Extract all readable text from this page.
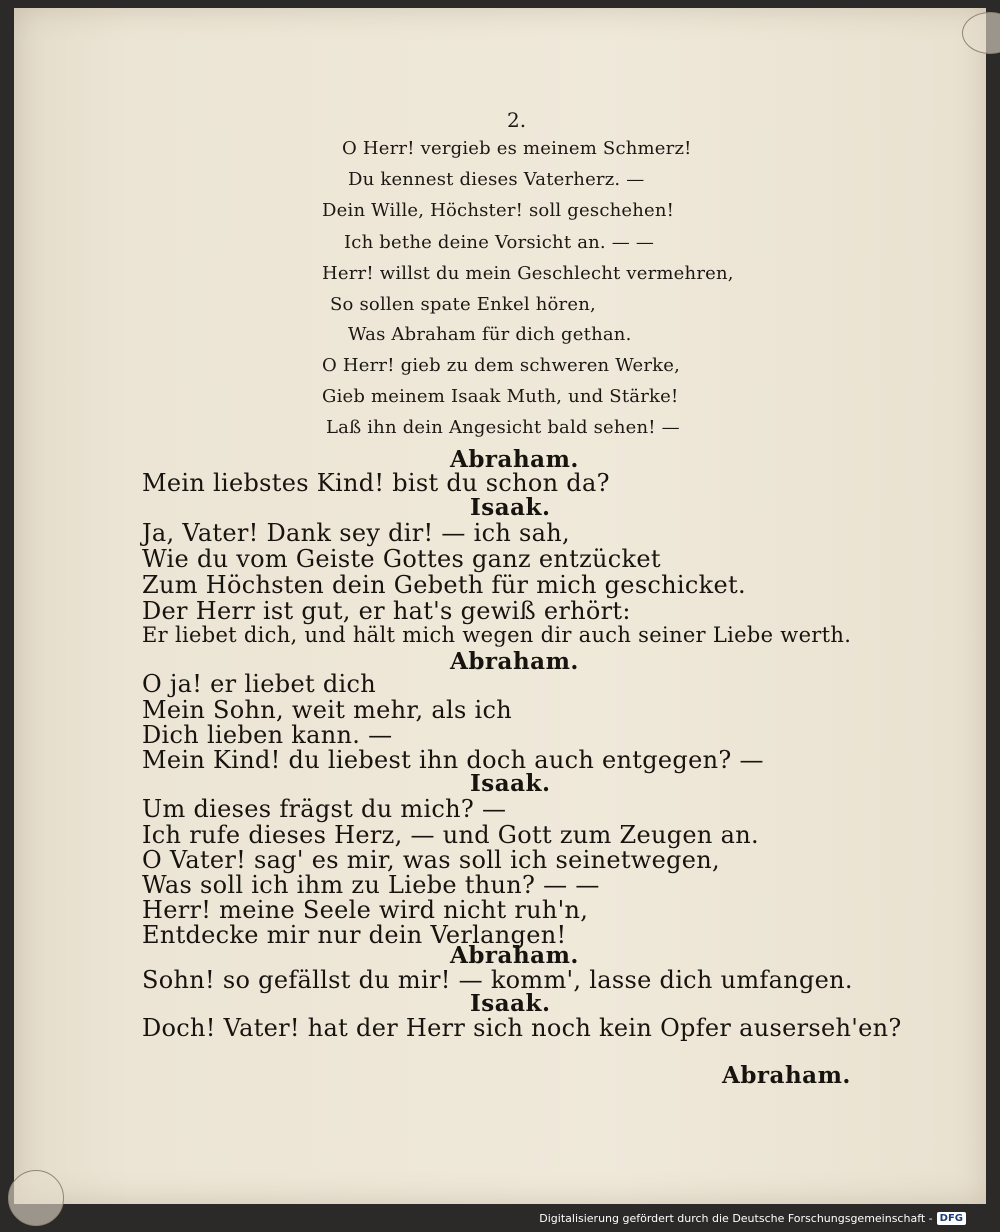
2.
O Herr! vergieb es meinem Schmerz!
Du kennest dieses Vaterherz. —
Dein Wille, Höchster! soll geschehen!
Ich bethe deine Vorsicht an. — —
Herr! willst du mein Geschlecht vermehren,
So sollen spate Enkel hören,
Was Abraham für dich gethan.
O Herr! gieb zu dem schweren Werke,
Gieb meinem Isaak Muth, und Stärke!
Laß ihn dein Angesicht bald sehen! —
Abraham.
Mein liebstes Kind! bist du schon da?
Isaak.
Ja, Vater! Dank sey dir! — ich sah,
Wie du vom Geiste Gottes ganz entzücket
Zum Höchsten dein Gebeth für mich geschicket.
Der Herr ist gut, er hat's gewiß erhört:
Er liebet dich, und hält mich wegen dir auch seiner Liebe werth.
Abraham.
O ja! er liebet dich
Mein Sohn, weit mehr, als ich
Dich lieben kann. —
Mein Kind! du liebest ihn doch auch entgegen? —
Isaak.
Um dieses frägst du mich? —
Ich rufe dieses Herz, — und Gott zum Zeugen an.
O Vater! sag' es mir, was soll ich seinetwegen,
Was soll ich ihm zu Liebe thun? — —
Herr! meine Seele wird nicht ruh'n,
Entdecke mir nur dein Verlangen!
Abraham.
Sohn! so gefällst du mir! — komm', lasse dich umfangen.
Isaak.
Doch! Vater! hat der Herr sich noch kein Opfer auserseh'en?
Abraham.
Digitalisierung gefördert durch die Deutsche Forschungsgemeinschaft - DFG
